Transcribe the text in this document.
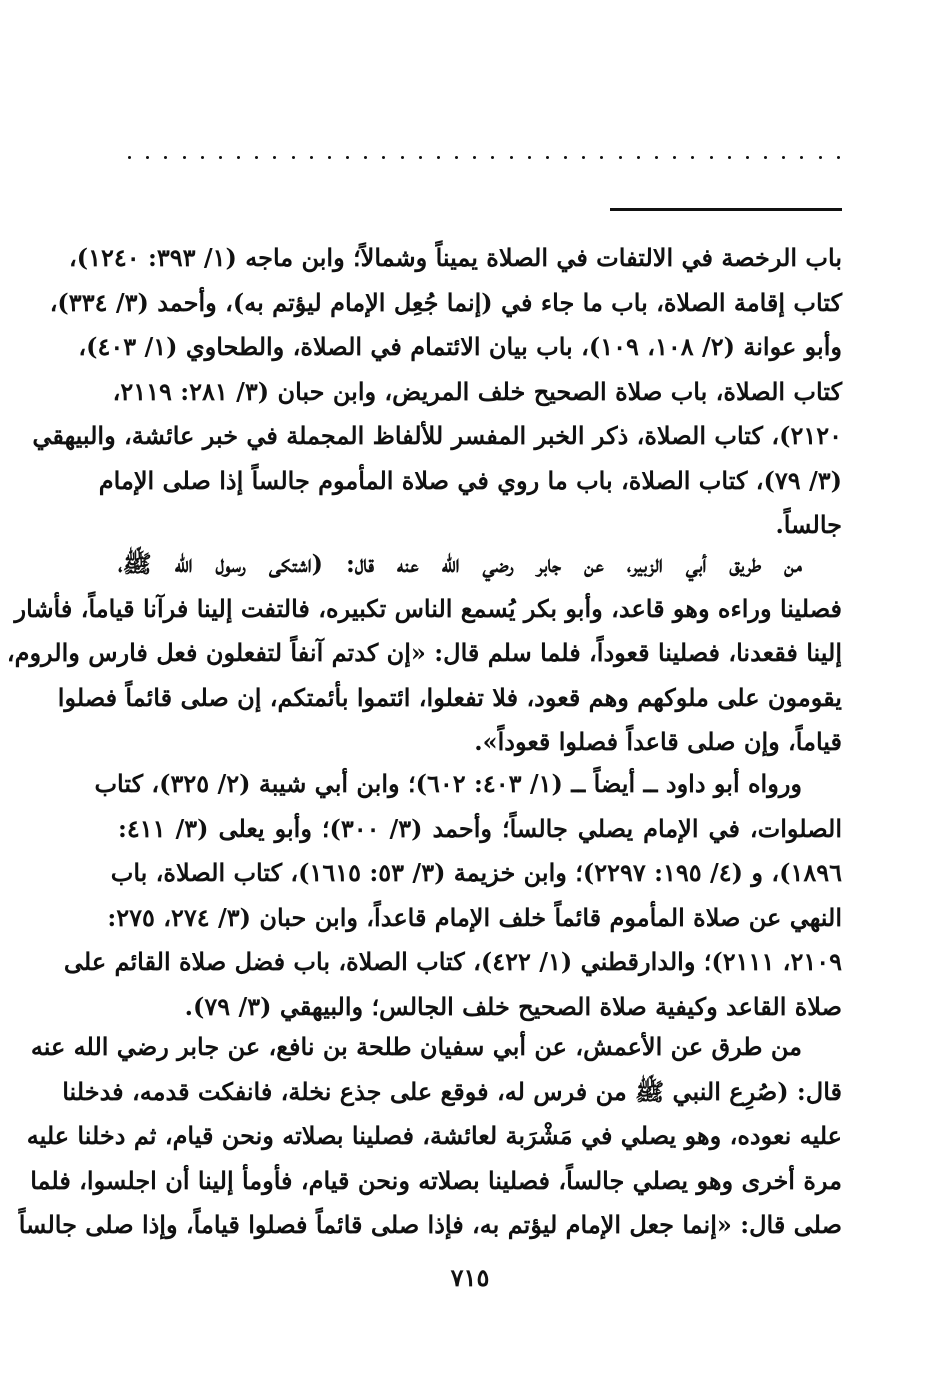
باب الرخصة في الالتفات في الصلاة يميناً وشمالاً؛ وابن ماجه (١/ ٣٩٣: ١٢٤٠)،
كتاب إقامة الصلاة، باب ما جاء في (إنما جُعِل الإمام ليؤتم به)، وأحمد (٣/ ٣٣٤)،
وأبو عوانة (٢/ ١٠٨، ١٠٩)، باب بيان الائتمام في الصلاة، والطحاوي (١/ ٤٠٣)،
كتاب الصلاة، باب صلاة الصحيح خلف المريض، وابن حبان (٣/ ٢٨١: ٢١١٩،
٢١٢٠)، كتاب الصلاة، ذكر الخبر المفسر للألفاظ المجملة في خبر عائشة، والبيهقي
(٣/ ٧٩)، كتاب الصلاة، باب ما روي في صلاة المأموم جالساً إذا صلى الإمام
جالساً.
من طريق أبي الزبير، عن جابر رضي الله عنه قال: (اشتكى رسول الله ﷺ،
فصلينا وراءه وهو قاعد، وأبو بكر يُسمع الناس تكبيره، فالتفت إلينا فرآنا قياماً، فأشار
إلينا فقعدنا، فصلينا قعوداً، فلما سلم قال: «إن كدتم آنفاً لتفعلون فعل فارس والروم،
يقومون على ملوكهم وهم قعود، فلا تفعلوا، ائتموا بأئمتكم، إن صلى قائماً فصلوا
قياماً، وإن صلى قاعداً فصلوا قعوداً».
ورواه أبو داود ــ أيضاً ــ (١/ ٤٠٣: ٦٠٢)؛ وابن أبي شيبة (٢/ ٣٢٥)، كتاب
الصلوات، في الإمام يصلي جالساً؛ وأحمد (٣/ ٣٠٠)؛ وأبو يعلى (٣/ ٤١١:
١٨٩٦)، و (٤/ ١٩٥: ٢٢٩٧)؛ وابن خزيمة (٣/ ٥٣: ١٦١٥)، كتاب الصلاة، باب
النهي عن صلاة المأموم قائماً خلف الإمام قاعداً، وابن حبان (٣/ ٢٧٤، ٢٧٥:
٢١٠٩، ٢١١١)؛ والدارقطني (١/ ٤٢٢)، كتاب الصلاة، باب فضل صلاة القائم على
صلاة القاعد وكيفية صلاة الصحيح خلف الجالس؛ والبيهقي (٣/ ٧٩).
من طرق عن الأعمش، عن أبي سفيان طلحة بن نافع، عن جابر رضي الله عنه
قال: (صُرِع النبي ﷺ من فرس له، فوقع على جذع نخلة، فانفكت قدمه، فدخلنا
عليه نعوده، وهو يصلي في مَشْرَبة لعائشة، فصلينا بصلاته ونحن قيام، ثم دخلنا عليه
مرة أخرى وهو يصلي جالساً، فصلينا بصلاته ونحن قيام، فأومأ إلينا أن اجلسوا، فلما
صلى قال: «إنما جعل الإمام ليؤتم به، فإذا صلى قائماً فصلوا قياماً، وإذا صلى جالساً
٧١٥
